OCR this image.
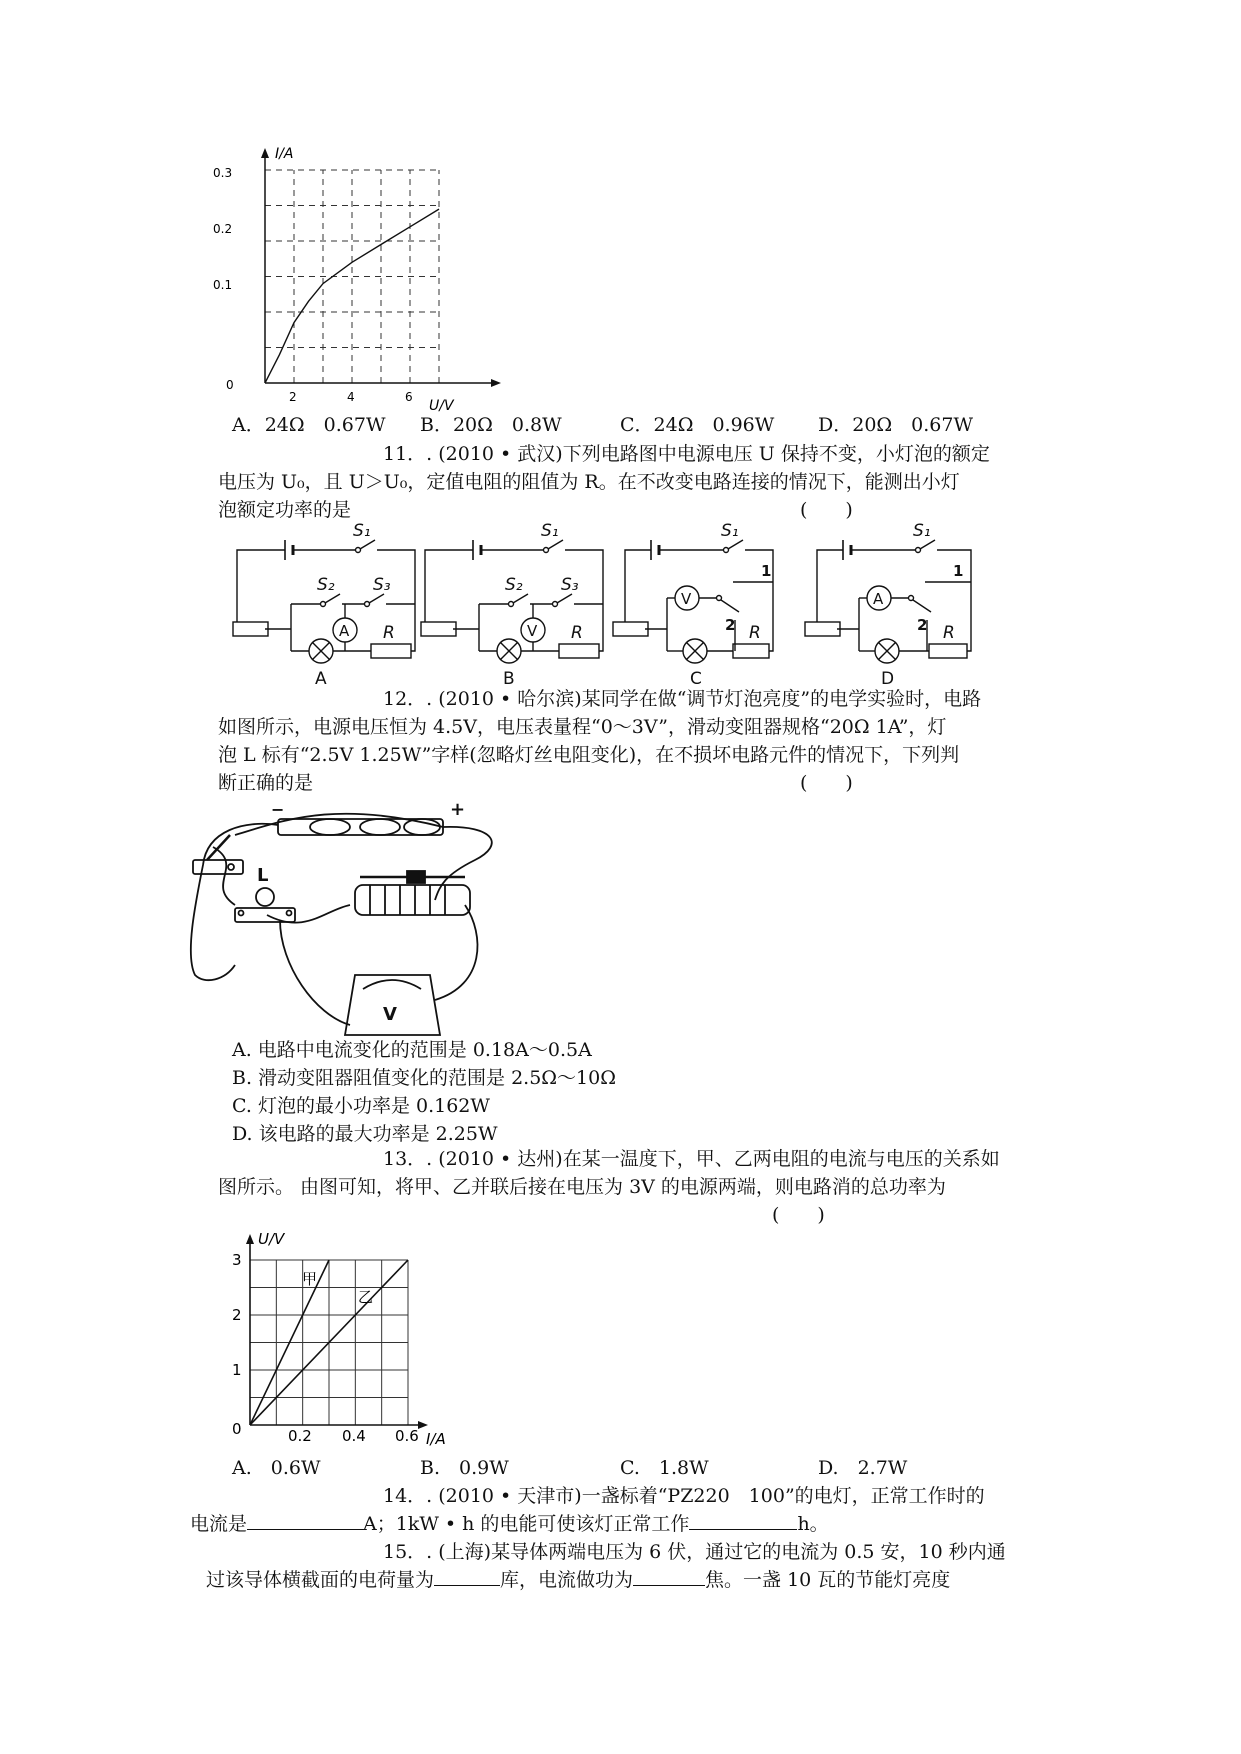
I/A
U/V
0.3
0.2
0.1
0
2	4	6
A．24Ω　0.67W B．20Ω　0.8W	C．24Ω　0.96W D．20Ω　0.67W
11．. (2010 • 武汉)下列电路图中电源电压 U 保持不变，小灯泡的额定
电压为 U₀，且 U＞U₀，定值电阻的阻值为 R。在不改变电路连接的情况下，能测出小灯
泡额定功率的是	(　　)
S₁
S₂ S₃
A R
A
S₁
S₂ S₃
V R
B
S₁
V
1
2 R
C
S₁
A
1
2 R
D
12．. (2010 • 哈尔滨)某同学在做“调节灯泡亮度”的电学实验时，电路
如图所示，电源电压恒为 4.5V，电压表量程“0～3V”，滑动变阻器规格“20Ω 1A”，灯
泡 L 标有“2.5V 1.25W”字样(忽略灯丝电阻变化)，在不损坏电路元件的情况下，下列判
断正确的是	(　　)
−	+
L
V
A. 电路中电流变化的范围是 0.18A～0.5A
B. 滑动变阻器阻值变化的范围是 2.5Ω～10Ω
C. 灯泡的最小功率是 0.162W
D. 该电路的最大功率是 2.25W
13．. (2010 • 达州)在某一温度下，甲、乙两电阻的电流与电压的关系如
图所示。 由图可知，将甲、乙并联后接在电压为 3V 的电源两端，则电路消的总功率为
(　　)
U/V
I/A
3
2
1
0	0.2 0.4 0.6
甲
乙
A.　0.6W	B.　0.9W	C.　1.8W	D.　2.7W
14．. (2010 • 天津市)一盏标着“PZ220　100”的电灯，正常工作时的
电流是	A；1kW • h 的电能可使该灯正常工作	h。
15．. (上海)某导体两端电压为 6 伏，通过它的电流为 0.5 安，10 秒内通
过该导体横截面的电荷量为	库，电流做功为	焦。一盏 10 瓦的节能灯亮度
